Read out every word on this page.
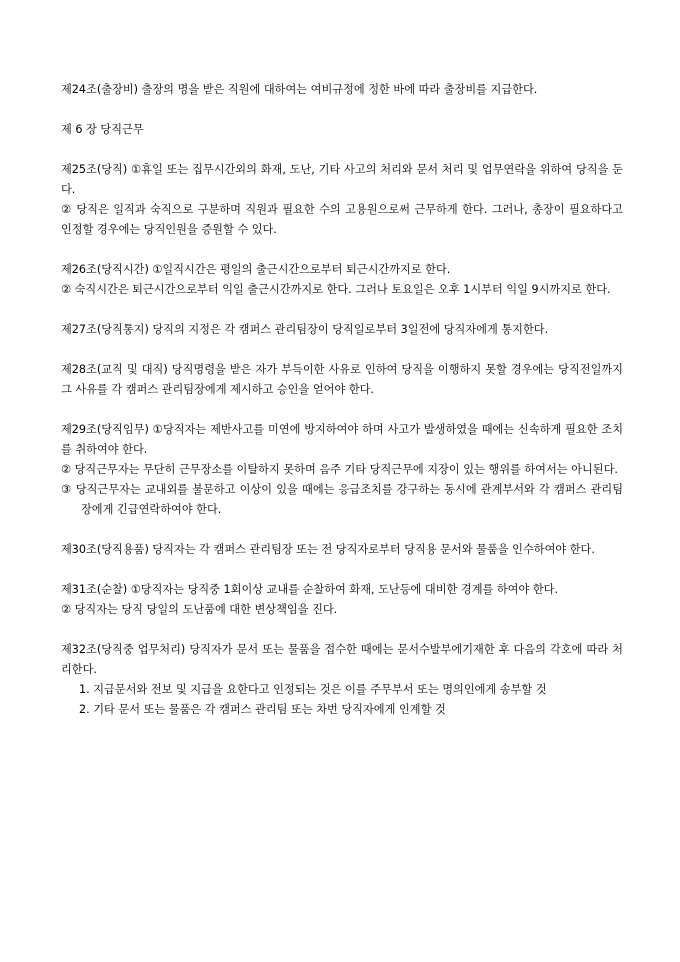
제24조(출장비) 출장의 명을 받은 직원에 대하여는 여비규정에 정한 바에 따라 출장비를 지급한다.

제 6 장 당직근무

제25조(당직) ①휴일 또는 집무시간외의 화재, 도난, 기타 사고의 처리와 문서 처리 및 업무연락을 위하여 당직을 둔다.

② 당직은 일직과 숙직으로 구분하며 직원과 필요한 수의 고용원으로써 근무하게 한다. 그러나, 총장이 필요하다고 인정할 경우에는 당직인원을 증원할 수 있다.

제26조(당직시간) ①일직시간은 평일의 출근시간으로부터 퇴근시간까지로 한다.

② 숙직시간은 퇴근시간으로부터 익일 출근시간까지로 한다. 그러나 토요일은 오후 1시부터 익일 9시까지로 한다.

제27조(당직통지) 당직의 지정은 각 캠퍼스 관리팀장이 당직일로부터 3일전에 당직자에게 통지한다.

제28조(교직 및 대직) 당직명령을 받은 자가 부득이한 사유로 인하여 당직을 이행하지 못할 경우에는 당직전일까지 그 사유를 각 캠퍼스 관리팀장에게 제시하고 승인을 얻어야 한다.

제29조(당직임무) ①당직자는 제반사고를 미연에 방지하여야 하며 사고가 발생하였을 때에는 신속하게 필요한 조치를 취하여야 한다.

② 당직근무자는 무단히 근무장소를 이탈하지 못하며 음주 기타 당직근무에 지장이 있는 행위를 하여서는 아니된다.

③ 당직근무자는 교내외를 불문하고 이상이 있을 때에는 응급조치를 강구하는 동시에 관계부서와 각 캠퍼스 관리팀장에게 긴급연락하여야 한다.

제30조(당직용품) 당직자는 각 캠퍼스 관리팀장 또는 전 당직자로부터 당직용 문서와 물품을 인수하여야 한다.

제31조(순찰) ①당직자는 당직중 1회이상 교내를 순찰하여 화재, 도난등에 대비한 경계를 하여야 한다.

② 당직자는 당직 당일의 도난품에 대한 변상책임을 진다.

제32조(당직중 업무처리) 당직자가 문서 또는 물품을 접수한 때에는 문서수발부에기재한 후 다음의 각호에 따라 처리한다.

1. 지급문서와 전보 및 지급을 요한다고 인정되는 것은 이를 주무부서 또는 명의인에게 송부할 것

2. 기타 문서 또는 물품은 각 캠퍼스 관리팀 또는 차번 당직자에게 인계할 것
